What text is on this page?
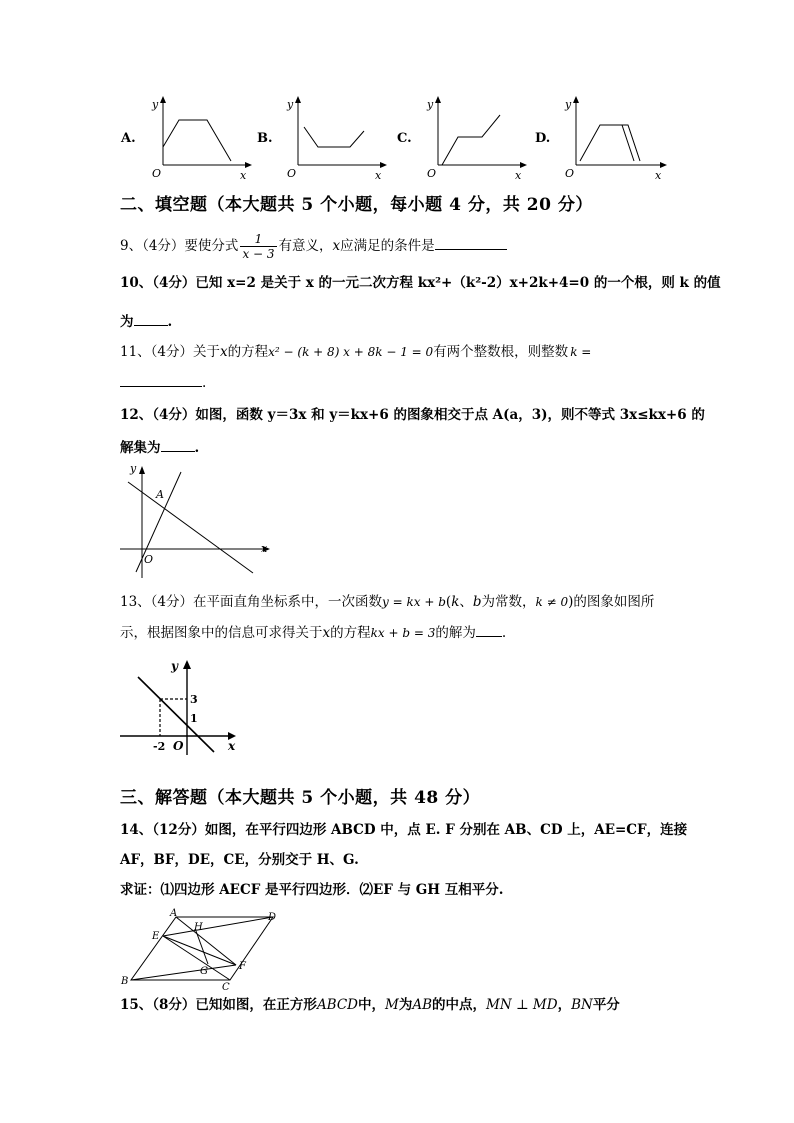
A.
y
x
O
B.
y
x
O
C.
y
x
O
D.
y
x
O
二、填空题（本大题共 5 个小题，每小题 4 分，共 20 分）
9、（4分）要使分式 $\frac{1}{x - 3}$ 有意义，x应满足的条件是
10、（4分）已知 x=2 是关于 x 的一元二次方程 kx²+（k²-2）x+2k+4=0 的一个根，则 k 的值
为	.
11、（4分）关于x的方程x² − (k + 8) x + 8k − 1 = 0有两个整数根，则整数 k =
.
12、（4分）如图，函数 y＝3x 和 y＝kx+6 的图象相交于点 A(a，3)，则不等式 3x≤kx+6 的
解集为	.
y
x
O
A
13、（4分）在平面直角坐标系中，一次函数y = kx + b(k、b为常数，k ≠ 0)的图象如图所
示，根据图象中的信息可求得关于x的方程kx + b = 3的解为 .
y
x
3
1
-2 O
三、解答题（本大题共 5 个小题，共 48 分）
14、（12分）如图，在平行四边形 ABCD 中，点 E. F 分别在 AB、CD 上，AE=CF，连接
AF，BF，DE，CE，分别交于 H、G.
求证：⑴四边形 AECF 是平行四边形．⑵EF 与 GH 互相平分.
A	D
E
H
G	F
B
C
15、（8分）已知如图，在正方形ABCD中，M为AB的中点，MN ⊥ MD，BN平分
